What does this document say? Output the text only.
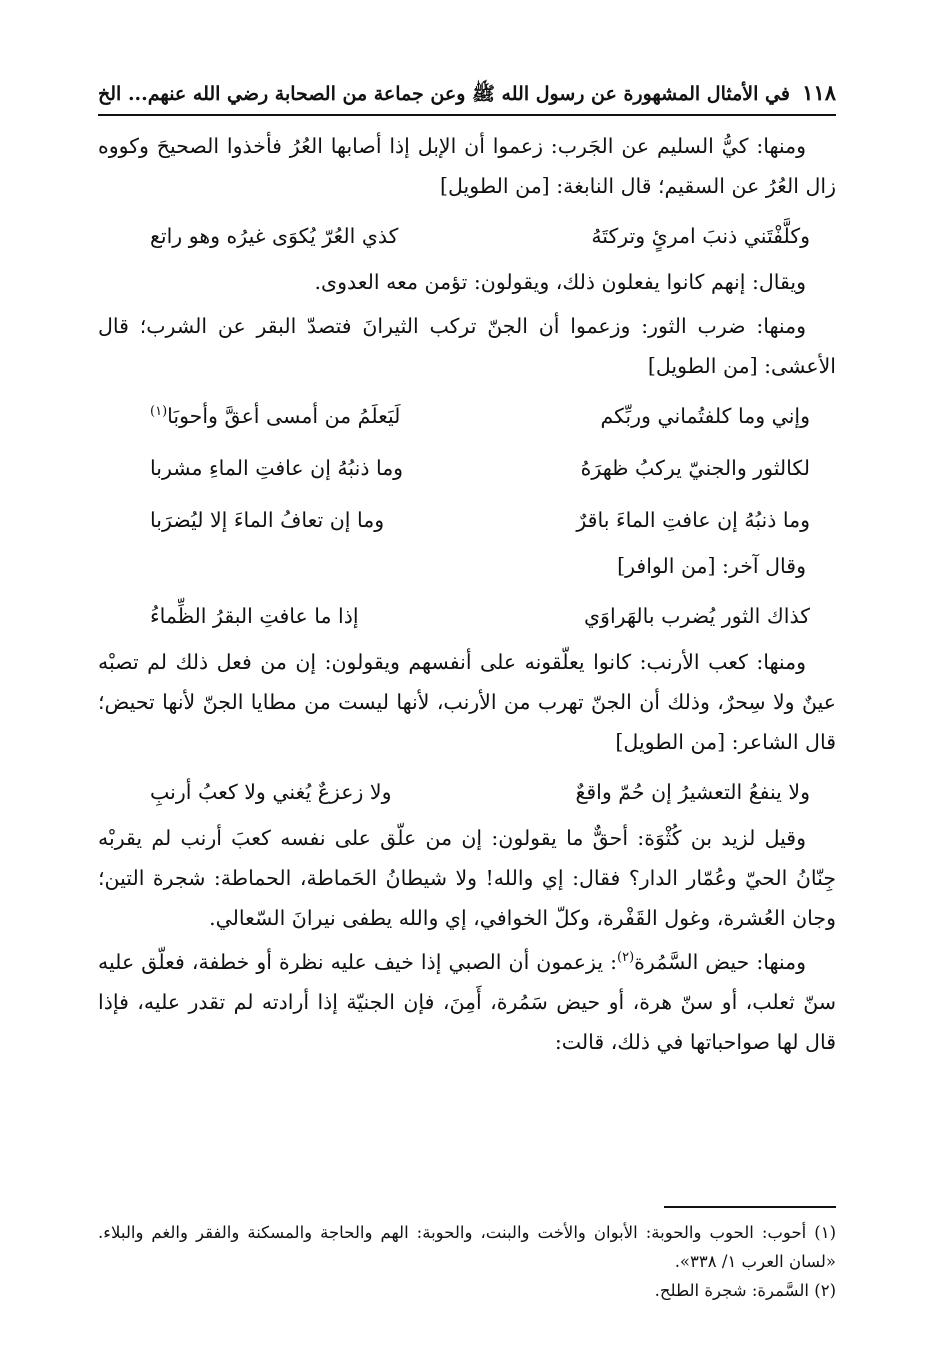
١١٨
في الأمثال المشهورة عن رسول الله ﷺ وعن جماعة من الصحابة رضي الله عنهم... الخ

ومنها: كيُّ السليم عن الجَرب: زعموا أن الإبل إذا أصابها العُرُ فأخذوا الصحيحَ وكووه زال العُرُ عن السقيم؛ قال النابغة: [من الطويل]

وكلَّفْتَني ذنبَ امرئٍ وتركتَهُ
كذي العُرّ يُكوَى غيرُه وهو راتع

ويقال: إنهم كانوا يفعلون ذلك، ويقولون: تؤمن معه العدوى.

ومنها: ضرب الثور: وزعموا أن الجنّ تركب الثيرانَ فتصدّ البقر عن الشرب؛ قال الأعشى: [من الطويل]

وإني وما كلفتُماني وربِّكم
لَيَعلَمُ من أمسى أعقَّ وأحوبَا$^{(١)}$
لكالثور والجنيّ يركبُ ظهرَهُ
وما ذنبُهُ إن عافتِ الماءِ مشربا
وما ذنبُهُ إن عافتِ الماءَ باقرٌ
وما إن تعافُ الماءَ إلا ليُضرَبا

وقال آخر: [من الوافر]

كذاك الثور يُضرب بالهَراوَي
إذا ما عافتِ البقرُ الظِّماءُ

ومنها: كعب الأرنب: كانوا يعلّقونه على أنفسهم ويقولون: إن من فعل ذلك لم تصبْه عينٌ ولا سِحرٌ، وذلك أن الجنّ تهرب من الأرنب، لأنها ليست من مطايا الجنّ لأنها تحيض؛ قال الشاعر: [من الطويل]

ولا ينفعُ التعشيرُ إن حُمّ واقعٌ
ولا زعزعٌ يُغني ولا كعبُ أرنبِ

وقيل لزيد بن كُثْوَة: أحقٌّ ما يقولون: إن من علّق على نفسه كعبَ أرنب لم يقربْه جِنّانُ الحيّ وعُمّار الدار؟ فقال: إي والله! ولا شيطانُ الحَماطة، الحماطة: شجرة التين؛ وجان العُشرة، وغول القَفْرة، وكلّ الخوافي، إي والله يطفى نيرانَ السّعالي.

ومنها: حيض السَّمُرة$^{(٢)}$: يزعمون أن الصبي إذا خيف عليه نظرة أو خطفة، فعلّق عليه سنّ ثعلب، أو سنّ هرة، أو حيض سَمُرة، أَمِنَ، فإن الجنيّة إذا أرادته لم تقدر عليه، فإذا قال لها صواحباتها في ذلك، قالت:

(١) أحوب: الحوب والحوبة: الأبوان والأخت والبنت، والحوبة: الهم والحاجة والمسكنة والفقر والغم والبلاء. «لسان العرب ١/ ٣٣٨».

(٢) السَّمرة: شجرة الطلح.
